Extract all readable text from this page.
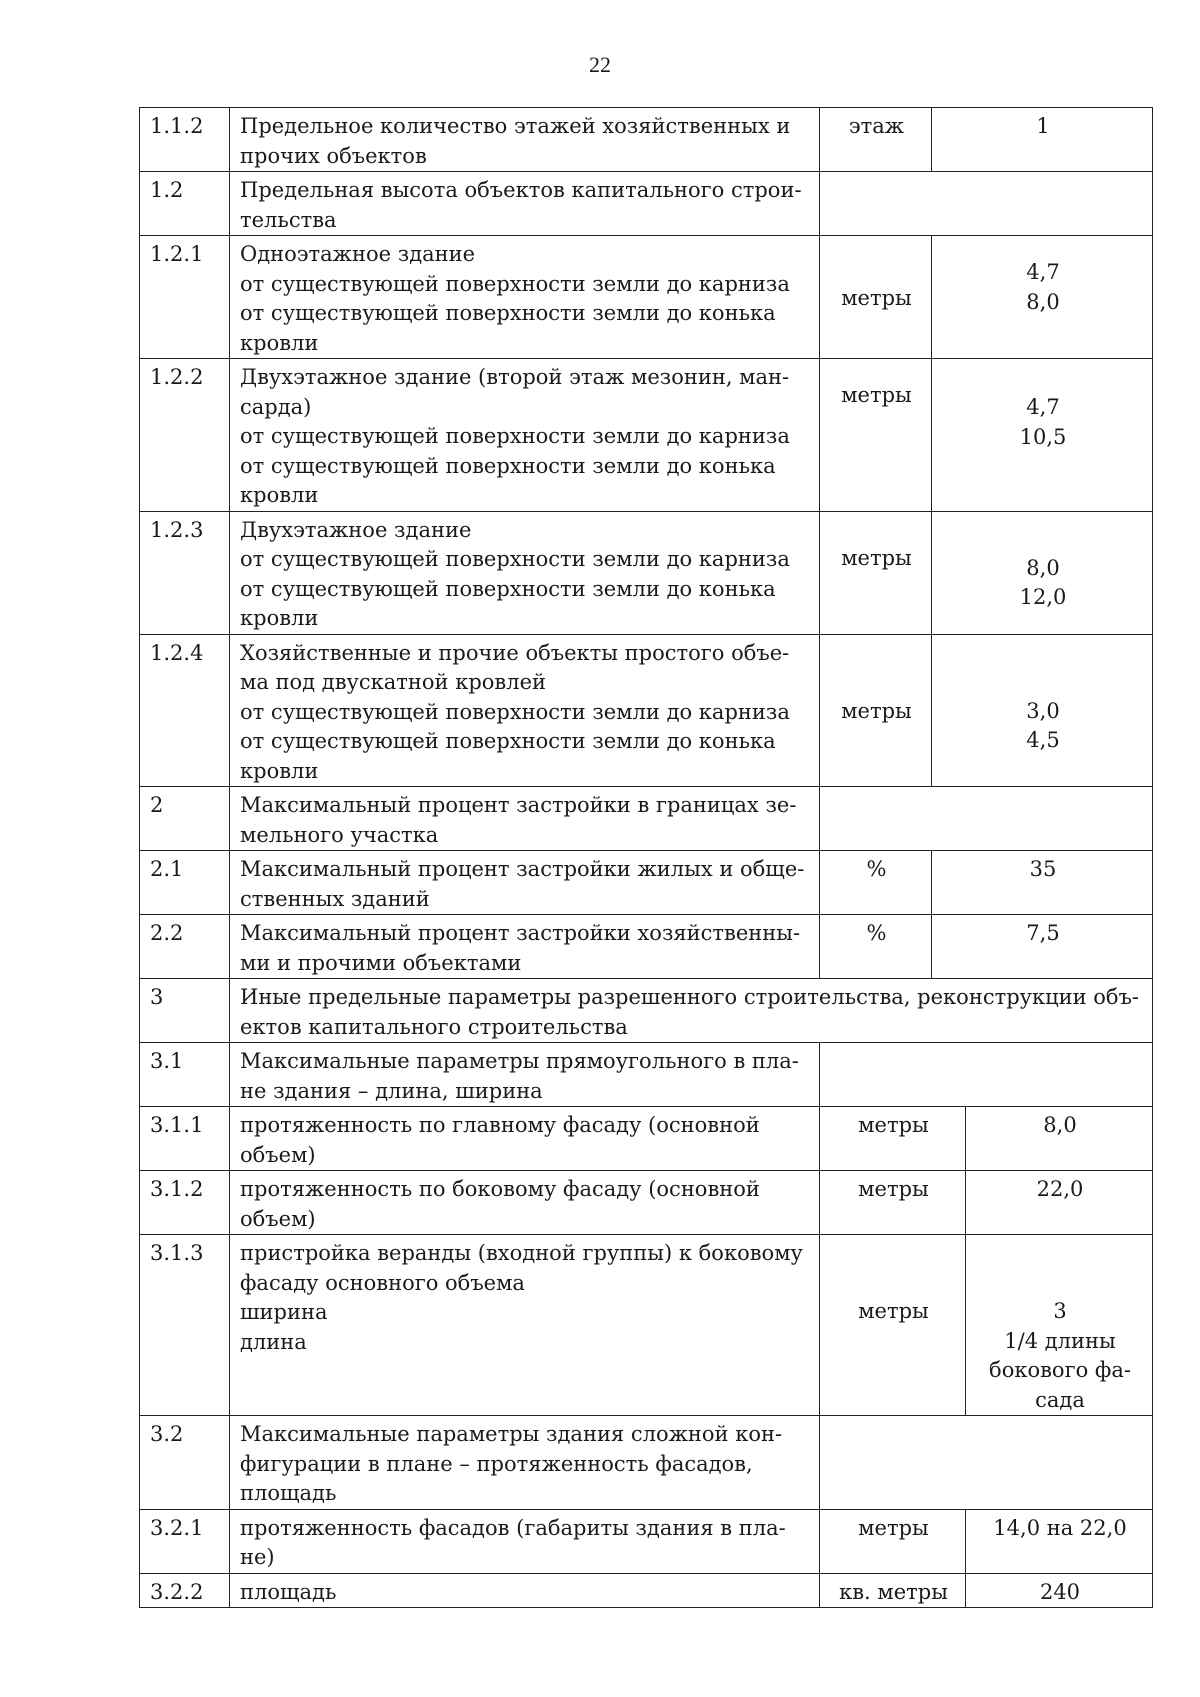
22
1.1.2	Предельное количество этажей хозяйственных и прочих объектов	этаж	1	
1.2	Предельная высота объектов капитального строи-
тельства			
1.2.1	Одноэтажное здание
от существующей поверхности земли до карниза
от существующей поверхности земли до конька
кровли	метры	4,7
8,0	
1.2.2	Двухэтажное здание (второй этаж мезонин, ман-
сарда)
от существующей поверхности земли до карниза
от существующей поверхности земли до конька
кровли	метры	4,7
10,5	
1.2.3	Двухэтажное здание
от существующей поверхности земли до карниза
от существующей поверхности земли до конька
кровли	метры	8,0
12,0	
1.2.4	Хозяйственные и прочие объекты простого объе-
ма под двускатной кровлей
от существующей поверхности земли до карниза
от существующей поверхности земли до конька
кровли	метры	3,0
4,5	
2	Максимальный процент застройки в границах зе-
мельного участка			
2.1	Максимальный процент застройки жилых и обще-
ственных зданий	%	35	
2.2	Максимальный процент застройки хозяйственны-
ми и прочими объектами	%	7,5	
3	Иные предельные параметры разрешенного строительства, реконструкции объ-
ектов капитального строительства			
3.1	Максимальные параметры прямоугольного в пла-
не здания – длина, ширина			
3.1.1	протяженность по главному фасаду (основной
объем)	метры		8,0
3.1.2	протяженность по боковому фасаду (основной
объем)	метры		22,0
3.1.3	пристройка веранды (входной группы) к боковому
фасаду основного объема
ширина
длина	метры		3
1/4 длины
бокового фа-
сада
3.2	Максимальные параметры здания сложной кон-
фигурации в плане – протяженность фасадов,
площадь			
3.2.1	протяженность фасадов (габариты здания в пла-
не)	метры		14,0 на 22,0
3.2.2	площадь	кв. метры		240
